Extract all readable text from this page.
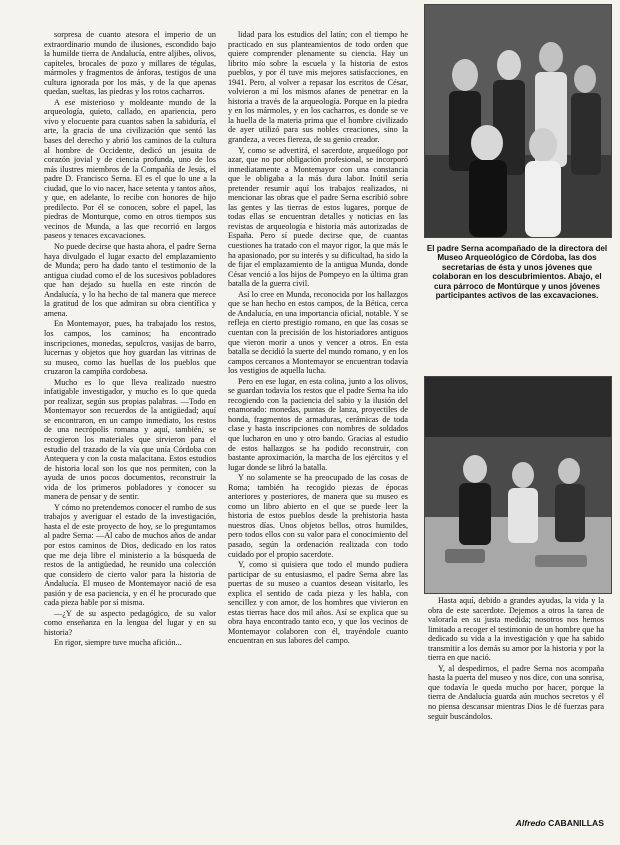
sorpresa de cuanto atesora el imperio de un extraordinario mundo de ilusiones, escondido bajo la humilde tierra de Andalucía, entre aljibes, olivos, capiteles, brocales de pozo y millares de tégulas, mármoles y fragmentos de ánforas, testigos de una cultura ignorada por los más, y de la que apenas quedan, sueltas, las piedras y los rotos cacharros.

A ese misterioso y moldeante mundo de la arqueología, quieto, callado, en apariencia, pero vivo y elocuente para cuantos saben la sabiduría, el arte, la gracia de una civilización que sentó las bases del derecho y abrió los caminos de la cultura al hombre de Occidente, dedicó un jesuita de corazón jovial y de ciencia profunda, uno de los más ilustres miembros de la Compañía de Jesús, el padre D. Francisco Serna. El es el que lo une a la ciudad, que lo vio nacer, hace setenta y tantos años, y que, en adelante, lo recibe con honores de hijo predilecto. Por él se conocen, sobre el papel, las piedras de Monturque, como en otros tiempos sus vecinos de Munda, a las que recorrió en largos paseos y tenaces excavaciones.

No puede decirse que hasta ahora, el padre Serna haya divulgado el lugar exacto del emplazamiento de Munda; pero ha dado tanto el testimonio de la antigua ciudad como el de los sucesivos pobladores que han dejado su huella en este rincón de Andalucía, y lo ha hecho de tal manera que merece la gratitud de los que admiran su obra científica y amena.

En Montemayor, pues, ha trabajado los restos, los campos, los caminos; ha encontrado inscripciones, monedas, sepulcros, vasijas de barro, lucernas y objetos que hoy guardan las vitrinas de su museo, como las huellas de los pueblos que cruzaron la campiña cordobesa.

Mucho es lo que lleva realizado nuestro infatigable investigador, y mucho es lo que queda por realizar, según sus propias palabras. —Todo en Montemayor son recuerdos de la antigüedad; aquí se encontraron, en un campo inmediato, los restos de una necrópolis romana y aquí, también, se recogieron los materiales que sirvieron para el estudio del trazado de la vía que unía Córdoba con Antequera y con la costa malacitana. Estos estudios de historia local son los que nos permiten, con la ayuda de unos pocos documentos, reconstruir la vida de los primeros pobladores y conocer su manera de pensar y de sentir.

Y cómo no pretendemos conocer el rumbo de sus trabajos y averiguar el estado de la investigación, hasta el de este proyecto de hoy, se lo preguntamos al padre Serna: —Al cabo de muchos años de andar por estos caminos de Dios, dedicado en los ratos que me deja libre el ministerio a la búsqueda de restos de la antigüedad, he reunido una colección que considero de cierto valor para la historia de Andalucía. El museo de Montemayor nació de esa pasión y de esa paciencia, y en él he procurado que cada pieza hable por sí misma.

—¿Y de su aspecto pedagógico, de su valor como enseñanza en la lengua del lugar y en su historia?

En rigor, siempre tuve mucha afición...

lidad para los estudios del latín; con el tiempo he practicado en sus planteamientos de todo orden que quiere comprender plenamente su ciencia. Hay un librito mío sobre la escuela y la historia de estos pueblos, y por él tuve mis mejores satisfacciones, en 1941. Pero, al volver a repasar los escritos de César, volvieron a mí los mismos afanes de penetrar en la historia a través de la arqueología. Porque en la piedra y en los mármoles, y en los cacharros, es donde se ve la huella de la materia prima que el hombre civilizado de ayer utilizó para sus nobles creaciones, sino la grandeza, a veces fiereza, de su genio creador.

Y, como se advertirá, el sacerdote, arqueólogo por azar, que no por obligación profesional, se incorporó inmediatamente a Montemayor con una constancia que le obligaba a la más dura labor. Inútil sería pretender resumir aquí los trabajos realizados, ni mencionar las obras que el padre Serna escribió sobre las gentes y las tierras de estos lugares, porque de todas ellas se encuentran detalles y noticias en las revistas de arqueología e historia más autorizadas de España. Pero sí puede decirse que, de cuantas cuestiones ha tratado con el mayor rigor, la que más le ha apasionado, por su interés y su dificultad, ha sido la de fijar el emplazamiento de la antigua Munda, donde César venció a los hijos de Pompeyo en la última gran batalla de la guerra civil.

Así lo cree en Munda, reconocida por los hallazgos que se han hecho en estos campos, de la Bética, cerca de Andalucía, en una importancia oficial, notable. Y se refleja en cierto prestigio romano, en que las cosas se cuentan con la precisión de los historiadores antiguos que vieron morir a unos y vencer a otros. En esta batalla se decidió la suerte del mundo romano, y en los campos cercanos a Montemayor se encuentran todavía los vestigios de aquella lucha.

Pero en ese lugar, en esta colina, junto a los olivos, se guardan todavía los restos que el padre Serna ha ido recogiendo con la paciencia del sabio y la ilusión del enamorado: monedas, puntas de lanza, proyectiles de honda, fragmentos de armaduras, cerámicas de toda clase y hasta inscripciones con nombres de soldados que lucharon en uno y otro bando. Gracias al estudio de estos hallazgos se ha podido reconstruir, con bastante aproximación, la marcha de los ejércitos y el lugar donde se libró la batalla.

Y no solamente se ha preocupado de las cosas de Roma; también ha recogido piezas de épocas anteriores y posteriores, de manera que su museo es como un libro abierto en el que se puede leer la historia de estos pueblos desde la prehistoria hasta nuestros días. Unos objetos bellos, otros humildes, pero todos ellos con su valor para el conocimiento del pasado, según la ordenación realizada con todo cuidado por el propio sacerdote.

Y, como si quisiera que todo el mundo pudiera participar de su entusiasmo, el padre Serna abre las puertas de su museo a cuantos desean visitarlo, les explica el sentido de cada pieza y les habla, con sencillez y con amor, de los hombres que vivieron en estas tierras hace dos mil años. Así se explica que su obra haya encontrado tanto eco, y que los vecinos de Montemayor colaboren con él, trayéndole cuanto encuentran en sus labores del campo.

El padre Serna acompañado de la directora del Museo Arqueológico de Córdoba, las dos secretarias de ésta y unos jóvenes que colaboran en los descubrimientos. Abajo, el cura párroco de Montúrque y unos jóvenes participantes activos de las excavaciones.

Hasta aquí, debido a grandes ayudas, la vida y la obra de este sacerdote. Dejemos a otros la tarea de valorarla en su justa medida; nosotros nos hemos limitado a recoger el testimonio de un hombre que ha dedicado su vida a la investigación y que ha sabido transmitir a los demás su amor por la historia y por la tierra en que nació.

Y, al despedirnos, el padre Serna nos acompaña hasta la puerta del museo y nos dice, con una sonrisa, que todavía le queda mucho por hacer, porque la tierra de Andalucía guarda aún muchos secretos y él no piensa descansar mientras Dios le dé fuerzas para seguir buscándolos.

Alfredo CABANILLAS
